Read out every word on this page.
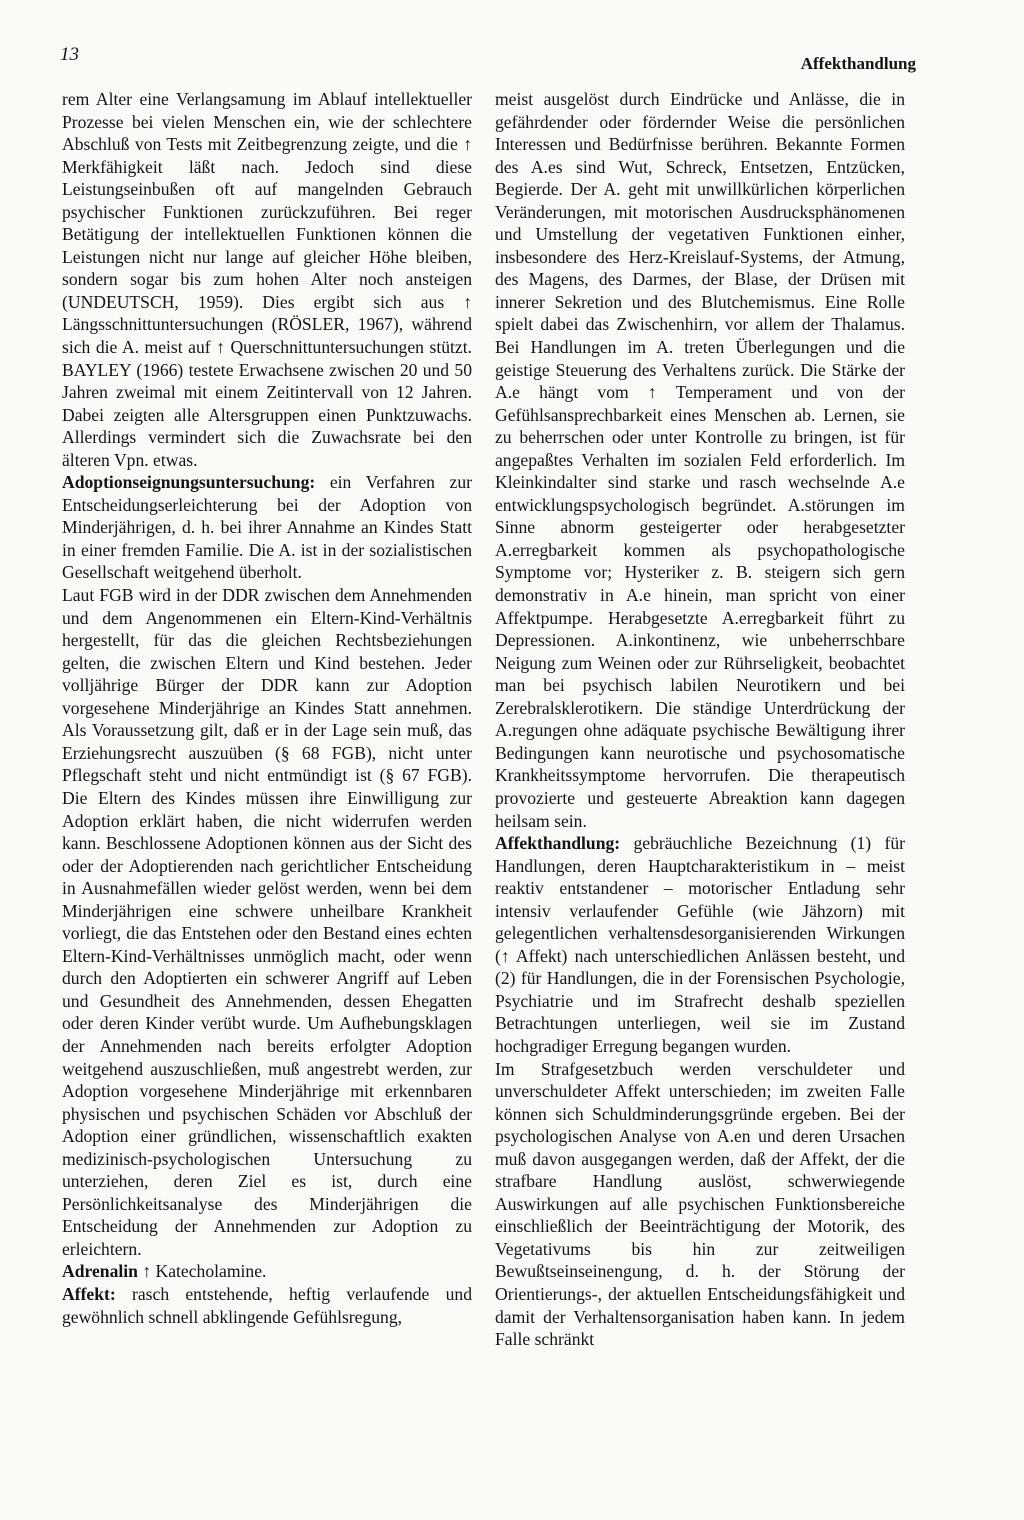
13	Affekthandlung

rem Alter eine Verlangsamung im Ablauf intellektueller Prozesse bei vielen Menschen ein, wie der schlechtere Abschluß von Tests mit Zeitbegrenzung zeigte, und die ↑ Merkfähigkeit läßt nach. Jedoch sind diese Leistungseinbußen oft auf mangelnden Gebrauch psychischer Funktionen zurückzuführen. Bei reger Betätigung der intellektuellen Funktionen können die Leistungen nicht nur lange auf gleicher Höhe bleiben, sondern sogar bis zum hohen Alter noch ansteigen (UNDEUTSCH, 1959). Dies ergibt sich aus ↑ Längsschnittuntersuchungen (RÖSLER, 1967), während sich die A. meist auf ↑ Querschnittuntersuchungen stützt. BAYLEY (1966) testete Erwachsene zwischen 20 und 50 Jahren zweimal mit einem Zeitintervall von 12 Jahren. Dabei zeigten alle Altersgruppen einen Punktzuwachs. Allerdings vermindert sich die Zuwachsrate bei den älteren Vpn. etwas.

Adoptionseignungsuntersuchung: ein Verfahren zur Entscheidungserleichterung bei der Adoption von Minderjährigen, d. h. bei ihrer Annahme an Kindes Statt in einer fremden Familie. Die A. ist in der sozialistischen Gesellschaft weitgehend überholt.

Laut FGB wird in der DDR zwischen dem Annehmenden und dem Angenommenen ein Eltern-Kind-Verhältnis hergestellt, für das die gleichen Rechtsbeziehungen gelten, die zwischen Eltern und Kind bestehen. Jeder volljährige Bürger der DDR kann zur Adoption vorgesehene Minderjährige an Kindes Statt annehmen. Als Voraussetzung gilt, daß er in der Lage sein muß, das Erziehungsrecht auszuüben (§ 68 FGB), nicht unter Pflegschaft steht und nicht entmündigt ist (§ 67 FGB). Die Eltern des Kindes müssen ihre Einwilligung zur Adoption erklärt haben, die nicht widerrufen werden kann. Beschlossene Adoptionen können aus der Sicht des oder der Adoptierenden nach gerichtlicher Entscheidung in Ausnahmefällen wieder gelöst werden, wenn bei dem Minderjährigen eine schwere unheilbare Krankheit vorliegt, die das Entstehen oder den Bestand eines echten Eltern-Kind-Verhältnisses unmöglich macht, oder wenn durch den Adoptierten ein schwerer Angriff auf Leben und Gesundheit des Annehmenden, dessen Ehegatten oder deren Kinder verübt wurde. Um Aufhebungsklagen der Annehmenden nach bereits erfolgter Adoption weitgehend auszuschließen, muß angestrebt werden, zur Adoption vorgesehene Minderjährige mit erkennbaren physischen und psychischen Schäden vor Abschluß der Adoption einer gründlichen, wissenschaftlich exakten medizinisch-psychologischen Untersuchung zu unterziehen, deren Ziel es ist, durch eine Persönlichkeitsanalyse des Minderjährigen die Entscheidung der Annehmenden zur Adoption zu erleichtern.

Adrenalin ↑ Katecholamine.

Affekt: rasch entstehende, heftig verlaufende und gewöhnlich schnell abklingende Gefühlsregung,

meist ausgelöst durch Eindrücke und Anlässe, die in gefährdender oder fördernder Weise die persönlichen Interessen und Bedürfnisse berühren. Bekannte Formen des A.es sind Wut, Schreck, Entsetzen, Entzücken, Begierde. Der A. geht mit unwillkürlichen körperlichen Veränderungen, mit motorischen Ausdrucksphänomenen und Umstellung der vegetativen Funktionen einher, insbesondere des Herz-Kreislauf-Systems, der Atmung, des Magens, des Darmes, der Blase, der Drüsen mit innerer Sekretion und des Blutchemismus. Eine Rolle spielt dabei das Zwischenhirn, vor allem der Thalamus. Bei Handlungen im A. treten Überlegungen und die geistige Steuerung des Verhaltens zurück. Die Stärke der A.e hängt vom ↑ Temperament und von der Gefühlsansprechbarkeit eines Menschen ab. Lernen, sie zu beherrschen oder unter Kontrolle zu bringen, ist für angepaßtes Verhalten im sozialen Feld erforderlich. Im Kleinkindalter sind starke und rasch wechselnde A.e entwicklungspsychologisch begründet. A.störungen im Sinne abnorm gesteigerter oder herabgesetzter A.erregbarkeit kommen als psychopathologische Symptome vor; Hysteriker z. B. steigern sich gern demonstrativ in A.e hinein, man spricht von einer Affektpumpe. Herabgesetzte A.erregbarkeit führt zu Depressionen. A.inkontinenz, wie unbeherrschbare Neigung zum Weinen oder zur Rührseligkeit, beobachtet man bei psychisch labilen Neurotikern und bei Zerebralsklerotikern. Die ständige Unterdrückung der A.regungen ohne adäquate psychische Bewältigung ihrer Bedingungen kann neurotische und psychosomatische Krankheitssymptome hervorrufen. Die therapeutisch provozierte und gesteuerte Abreaktion kann dagegen heilsam sein.

Affekthandlung: gebräuchliche Bezeichnung (1) für Handlungen, deren Hauptcharakteristikum in – meist reaktiv entstandener – motorischer Entladung sehr intensiv verlaufender Gefühle (wie Jähzorn) mit gelegentlichen verhaltensdesorganisierenden Wirkungen (↑ Affekt) nach unterschiedlichen Anlässen besteht, und (2) für Handlungen, die in der Forensischen Psychologie, Psychiatrie und im Strafrecht deshalb speziellen Betrachtungen unterliegen, weil sie im Zustand hochgradiger Erregung begangen wurden.

Im Strafgesetzbuch werden verschuldeter und unverschuldeter Affekt unterschieden; im zweiten Falle können sich Schuldminderungsgründe ergeben. Bei der psychologischen Analyse von A.en und deren Ursachen muß davon ausgegangen werden, daß der Affekt, der die strafbare Handlung auslöst, schwerwiegende Auswirkungen auf alle psychischen Funktionsbereiche einschließlich der Beeinträchtigung der Motorik, des Vegetativums bis hin zur zeitweiligen Bewußtseinseinengung, d. h. der Störung der Orientierungs-, der aktuellen Entscheidungsfähigkeit und damit der Verhaltensorganisation haben kann. In jedem Falle schränkt
